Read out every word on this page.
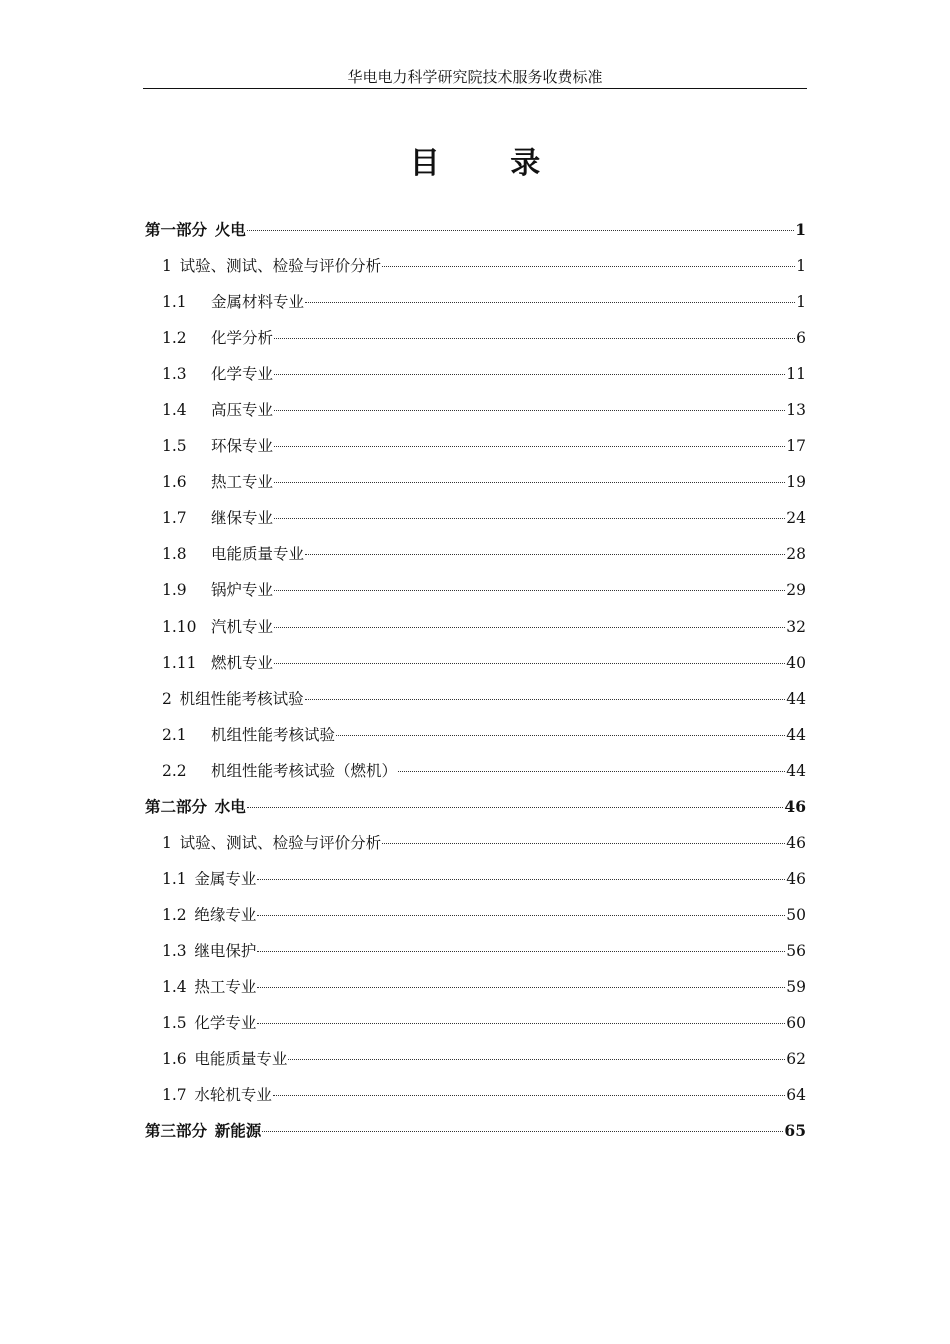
华电电力科学研究院技术服务收费标准
目 录
第一部分 火电	1
1 试验、测试、检验与评价分析	1
1.1	金属材料专业	1
1.2	化学分析	6
1.3	化学专业	11
1.4	高压专业	13
1.5	环保专业	17
1.6	热工专业	19
1.7	继保专业	24
1.8	电能质量专业	28
1.9	锅炉专业	29
1.10 汽机专业	32
1.11 燃机专业	40
2 机组性能考核试验	44
2.1	机组性能考核试验	44
2.2	机组性能考核试验（燃机）	44
第二部分 水电	46
1 试验、测试、检验与评价分析	46
1.1 金属专业	46
1.2 绝缘专业	50
1.3 继电保护	56
1.4 热工专业	59
1.5 化学专业	60
1.6 电能质量专业	62
1.7 水轮机专业	64
第三部分 新能源	65
